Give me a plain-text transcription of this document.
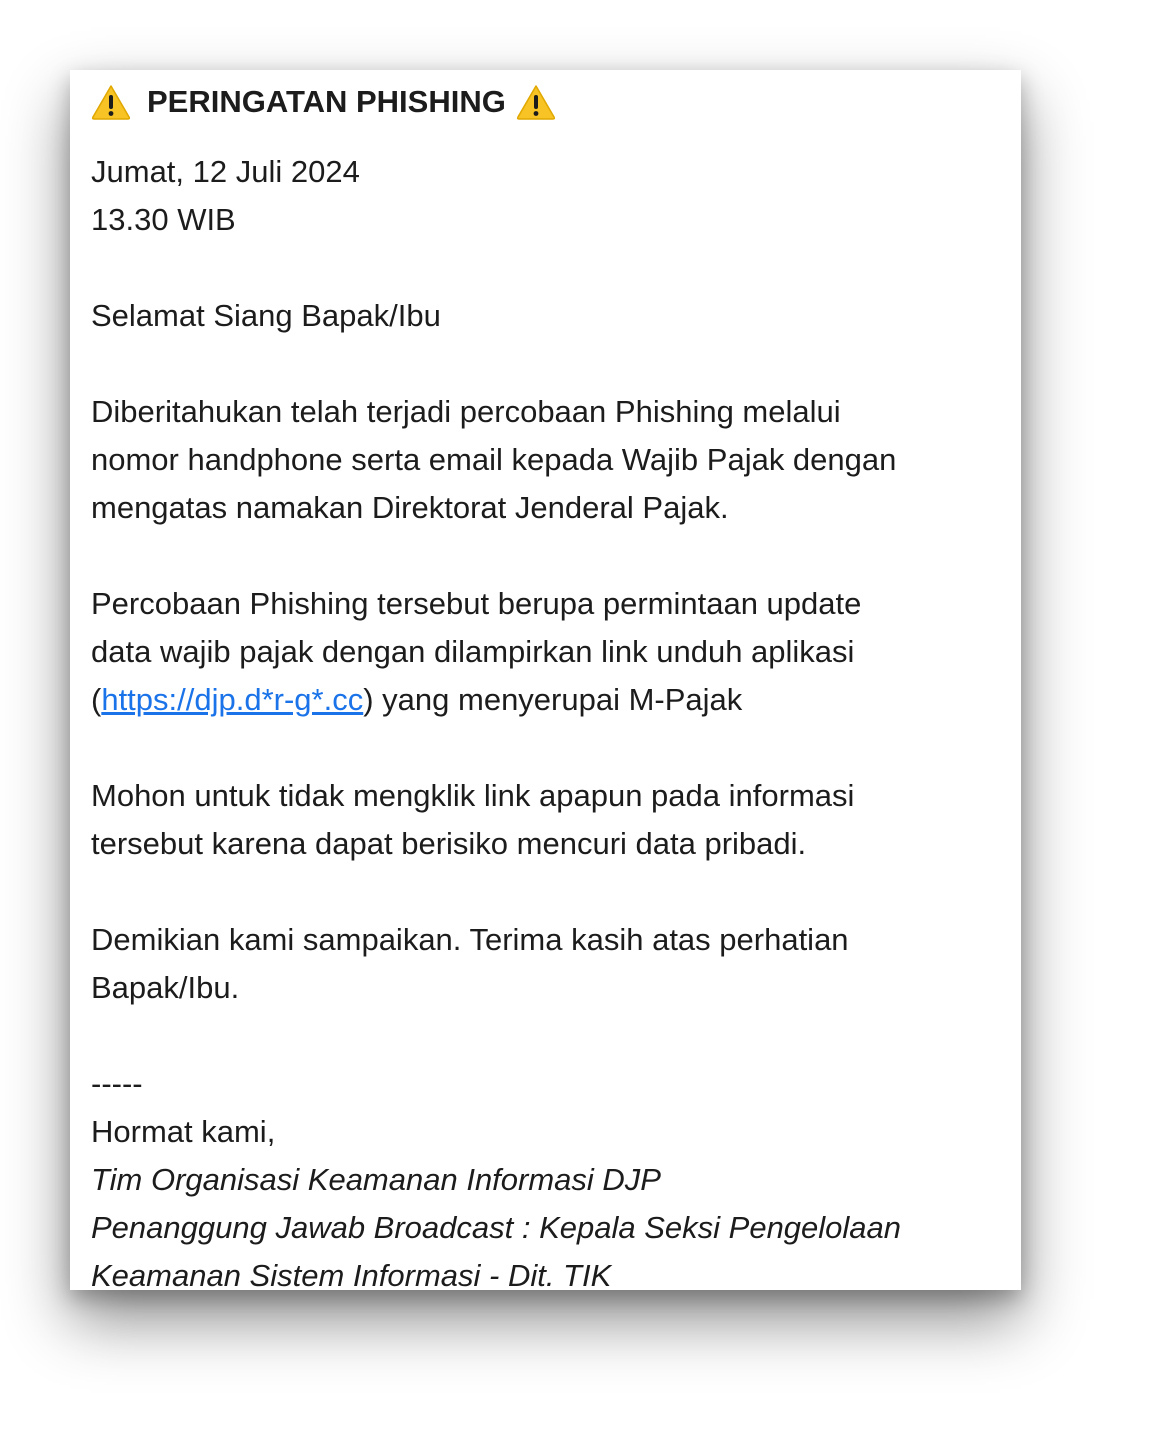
PERINGATAN PHISHING
Jumat, 12 Juli 2024
13.30 WIB
Selamat Siang Bapak/Ibu
Diberitahukan telah terjadi percobaan Phishing melalui
nomor handphone serta email kepada Wajib Pajak dengan
mengatas namakan Direktorat Jenderal Pajak.
Percobaan Phishing tersebut berupa permintaan update
data wajib pajak dengan dilampirkan link unduh aplikasi
(https://djp.d*r-g*.cc) yang menyerupai M-Pajak
Mohon untuk tidak mengklik link apapun pada informasi
tersebut karena dapat berisiko mencuri data pribadi.
Demikian kami sampaikan. Terima kasih atas perhatian
Bapak/Ibu.
-----
Hormat kami,
Tim Organisasi Keamanan Informasi DJP
Penanggung Jawab Broadcast : Kepala Seksi Pengelolaan
Keamanan Sistem Informasi - Dit. TIK
